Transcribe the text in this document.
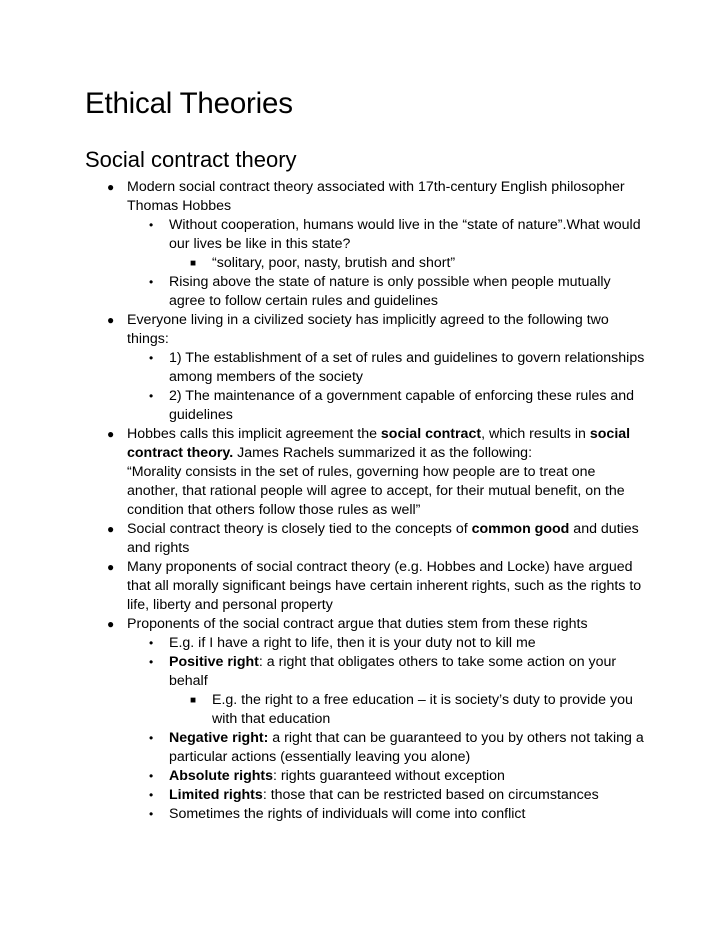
Ethical Theories
Social contract theory
● Modern social contract theory associated with 17th-century English philosopher Thomas Hobbes
• Without cooperation, humans would live in the “state of nature”.What would our lives be like in this state?
■ “solitary, poor, nasty, brutish and short”
• Rising above the state of nature is only possible when people mutually agree to follow certain rules and guidelines
● Everyone living in a civilized society has implicitly agreed to the following two things:
• 1) The establishment of a set of rules and guidelines to govern relationships among members of the society
• 2) The maintenance of a government capable of enforcing these rules and guidelines
● Hobbes calls this implicit agreement the social contract, which results in social contract theory. James Rachels summarized it as the following:
“Morality consists in the set of rules, governing how people are to treat one another, that rational people will agree to accept, for their mutual benefit, on the condition that others follow those rules as well”
● Social contract theory is closely tied to the concepts of common good and duties and rights
● Many proponents of social contract theory (e.g. Hobbes and Locke) have argued that all morally significant beings have certain inherent rights, such as the rights to life, liberty and personal property
● Proponents of the social contract argue that duties stem from these rights
• E.g. if I have a right to life, then it is your duty not to kill me
• Positive right: a right that obligates others to take some action on your behalf
■ E.g. the right to a free education – it is society’s duty to provide you with that education
• Negative right: a right that can be guaranteed to you by others not taking a particular actions (essentially leaving you alone)
• Absolute rights: rights guaranteed without exception
• Limited rights: those that can be restricted based on circumstances
• Sometimes the rights of individuals will come into conflict
